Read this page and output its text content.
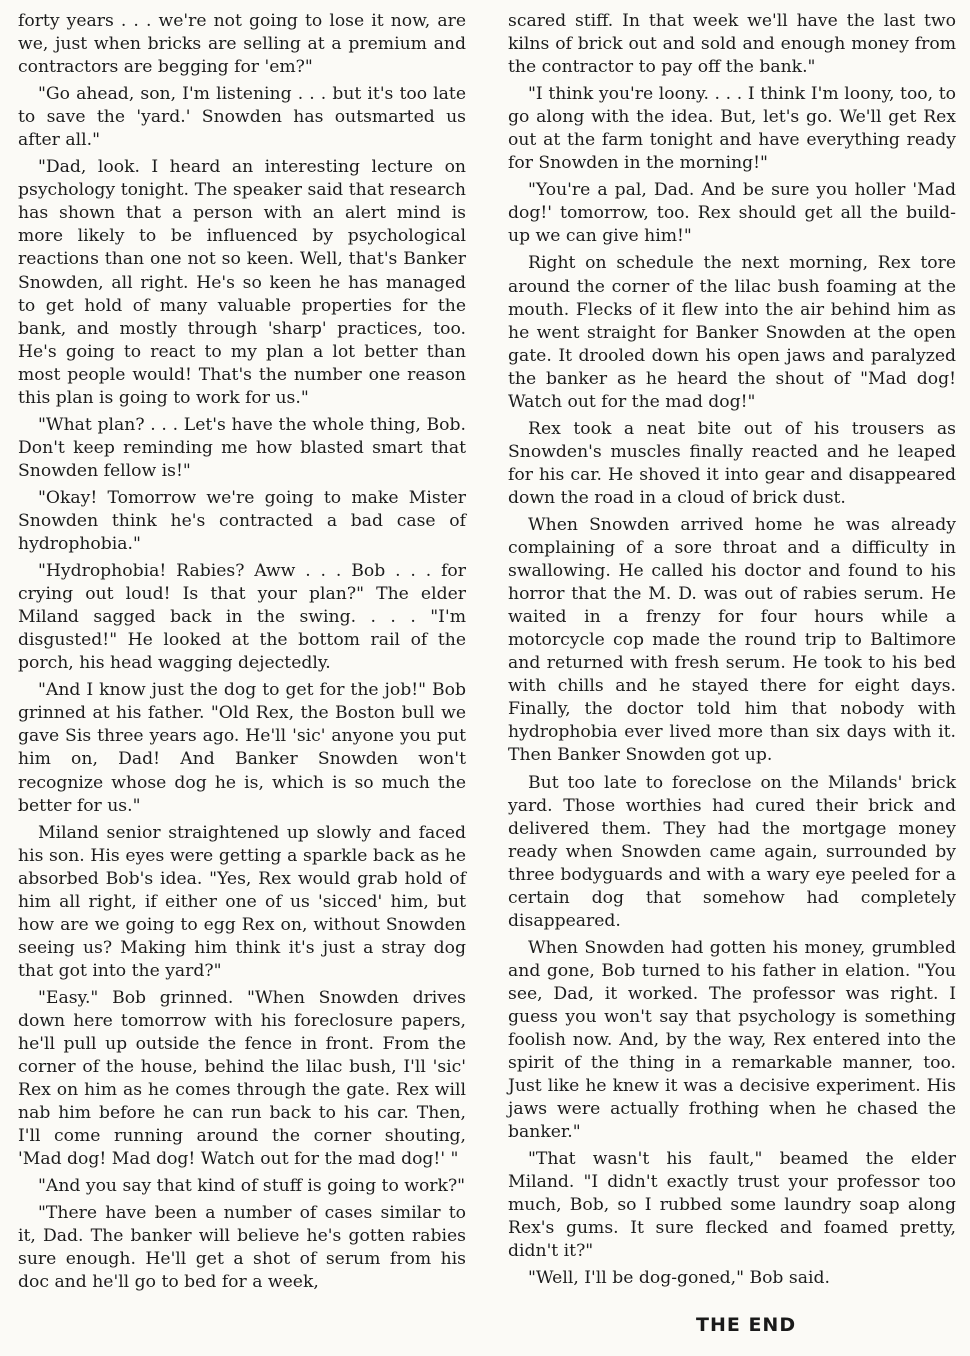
forty years . . . we're not going to lose it now, are we, just when bricks are selling at a premium and contractors are begging for 'em?"

"Go ahead, son, I'm listening . . . but it's too late to save the 'yard.' Snowden has outsmarted us after all."

"Dad, look. I heard an interesting lecture on psychology tonight. The speaker said that research has shown that a person with an alert mind is more likely to be influenced by psychological reactions than one not so keen. Well, that's Banker Snowden, all right. He's so keen he has managed to get hold of many valuable properties for the bank, and mostly through 'sharp' practices, too. He's going to react to my plan a lot better than most people would! That's the number one reason this plan is going to work for us."

"What plan? . . . Let's have the whole thing, Bob. Don't keep reminding me how blasted smart that Snowden fellow is!"

"Okay! Tomorrow we're going to make Mister Snowden think he's contracted a bad case of hydrophobia."

"Hydrophobia! Rabies? Aww . . . Bob . . . for crying out loud! Is that your plan?" The elder Miland sagged back in the swing. . . . "I'm disgusted!" He looked at the bottom rail of the porch, his head wagging dejectedly.

"And I know just the dog to get for the job!" Bob grinned at his father. "Old Rex, the Boston bull we gave Sis three years ago. He'll 'sic' anyone you put him on, Dad! And Banker Snowden won't recognize whose dog he is, which is so much the better for us."

Miland senior straightened up slowly and faced his son. His eyes were getting a sparkle back as he absorbed Bob's idea. "Yes, Rex would grab hold of him all right, if either one of us 'sicced' him, but how are we going to egg Rex on, without Snowden seeing us? Making him think it's just a stray dog that got into the yard?"

"Easy." Bob grinned. "When Snowden drives down here tomorrow with his foreclosure papers, he'll pull up outside the fence in front. From the corner of the house, behind the lilac bush, I'll 'sic' Rex on him as he comes through the gate. Rex will nab him before he can run back to his car. Then, I'll come running around the corner shouting, 'Mad dog! Mad dog! Watch out for the mad dog!' "

"And you say that kind of stuff is going to work?"

"There have been a number of cases similar to it, Dad. The banker will believe he's gotten rabies sure enough. He'll get a shot of serum from his doc and he'll go to bed for a week,

scared stiff. In that week we'll have the last two kilns of brick out and sold and enough money from the contractor to pay off the bank."

"I think you're loony. . . . I think I'm loony, too, to go along with the idea. But, let's go. We'll get Rex out at the farm tonight and have everything ready for Snowden in the morning!"

"You're a pal, Dad. And be sure you holler 'Mad dog!' tomorrow, too. Rex should get all the build-up we can give him!"

Right on schedule the next morning, Rex tore around the corner of the lilac bush foaming at the mouth. Flecks of it flew into the air behind him as he went straight for Banker Snowden at the open gate. It drooled down his open jaws and paralyzed the banker as he heard the shout of "Mad dog! Watch out for the mad dog!"

Rex took a neat bite out of his trousers as Snowden's muscles finally reacted and he leaped for his car. He shoved it into gear and disappeared down the road in a cloud of brick dust.

When Snowden arrived home he was already complaining of a sore throat and a difficulty in swallowing. He called his doctor and found to his horror that the M. D. was out of rabies serum. He waited in a frenzy for four hours while a motorcycle cop made the round trip to Baltimore and returned with fresh serum. He took to his bed with chills and he stayed there for eight days. Finally, the doctor told him that nobody with hydrophobia ever lived more than six days with it. Then Banker Snowden got up.

But too late to foreclose on the Milands' brick yard. Those worthies had cured their brick and delivered them. They had the mortgage money ready when Snowden came again, surrounded by three bodyguards and with a wary eye peeled for a certain dog that somehow had completely disappeared.

When Snowden had gotten his money, grumbled and gone, Bob turned to his father in elation. "You see, Dad, it worked. The professor was right. I guess you won't say that psychology is something foolish now. And, by the way, Rex entered into the spirit of the thing in a remarkable manner, too. Just like he knew it was a decisive experiment. His jaws were actually frothing when he chased the banker."

"That wasn't his fault," beamed the elder Miland. "I didn't exactly trust your professor too much, Bob, so I rubbed some laundry soap along Rex's gums. It sure flecked and foamed pretty, didn't it?"

"Well, I'll be dog-goned," Bob said.

THE END
